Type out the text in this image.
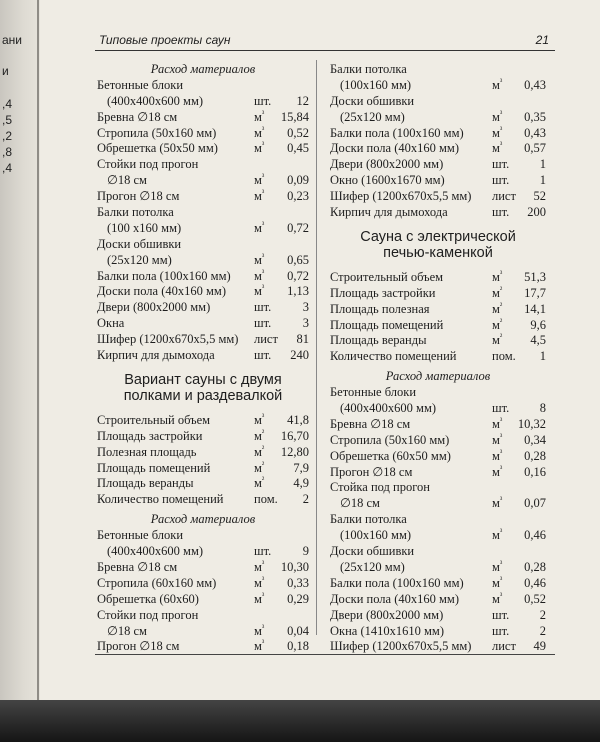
ани
и
,4
,5
,2
,8
,4
Типовые проекты саун	21
Расход материалов
Бетонные блоки
(400х400х600 мм)	шт. 12
Бревна ∅18 см	$м^{^3}$ 15,84
Стропила (50х160 мм)	$м^{^3}$ 0,52
Обрешетка (50х50 мм)	$м^{^3}$ 0,45
Стойки под прогон
∅18 см	$м^{^3}$ 0,09
Прогон ∅18 см	$м^{^3}$ 0,23
Балки потолка
(100 х160 мм)	$м^{^3}$ 0,72
Доски обшивки
(25х120 мм)	$м^{^3}$ 0,65
Балки пола (100х160 мм) $м^{^3}$ 0,72
Доски пола (40х160 мм) $м^{^3}$ 1,13
Двери (800х2000 мм)	шт.	3
Окна	шт.	3
Шифер (1200х670х5,5 мм) лист 81
Кирпич для дымохода	шт. 240
Вариант сауны с двумя
полками и раздевалкой
Строительный объем	$м^{^3}$ 41,8
Площадь застройки	$м^{^2}$ 16,70
Полезная площадь	$м^{^2}$ 12,80
Площадь помещений	$м^{^2}$ 7,9
Площадь веранды	$м^{^2}$ 4,9
Количество помещений пом. 2
Расход материалов
Бетонные блоки
(400х400х600 мм)	шт.	9
Бревна ∅18 см	$м^{^3}$ 10,30
Стропила (60х160 мм)	$м^{^3}$ 0,33
Обрешетка (60х60)	$м^{^3}$ 0,29
Стойки под прогон
∅18 см	$м^{^3}$ 0,04
Прогон ∅18 см	$м^{^3}$ 0,18
Балки потолка
(100х160 мм)	$м^{^3}$ 0,43
Доски обшивки
(25х120 мм)	$м^{^3}$ 0,35
Балки пола (100х160 мм) $м^{^3}$ 0,43
Доски пола (40х160 мм)	$м^{^3}$ 0,57
Двери (800х2000 мм)	шт. 1
Окно (1600х1670 мм)	шт. 1
Шифер (1200х670х5,5 мм) лист 52
Кирпич для дымохода	шт. 200
Сауна с электрической
печью-каменкой
Строительный объем	$м^{^3}$ 51,3
Площадь застройки	$м^{^2}$ 17,7
Площадь полезная	$м^{^2}$ 14,1
Площадь помещений	$м^{^2}$ 9,6
Площадь веранды	$м^{^2}$ 4,5
Количество помещений	пом. 1
Расход материалов
Бетонные блоки
(400х400х600 мм)	шт. 8
Бревна ∅18 см	$м^{^3}$ 10,32
Стропила (50х160 мм)	$м^{^3}$ 0,34
Обрешетка (60х50 мм)	$м^{^3}$ 0,28
Прогон ∅18 см	$м^{^3}$ 0,16
Стойка под прогон
∅18 см	$м^{^3}$ 0,07
Балки потолка
(100х160 мм)	$м^{^3}$ 0,46
Доски обшивки
(25х120 мм)	$м^{^3}$ 0,28
Балки пола (100х160 мм) $м^{^3}$ 0,46
Доски пола (40х160 мм)	$м^{^3}$ 0,52
Двери (800х2000 мм)	шт. 2
Окна (1410х1610 мм)	шт. 2
Шифер (1200х670х5,5 мм) лист 49
